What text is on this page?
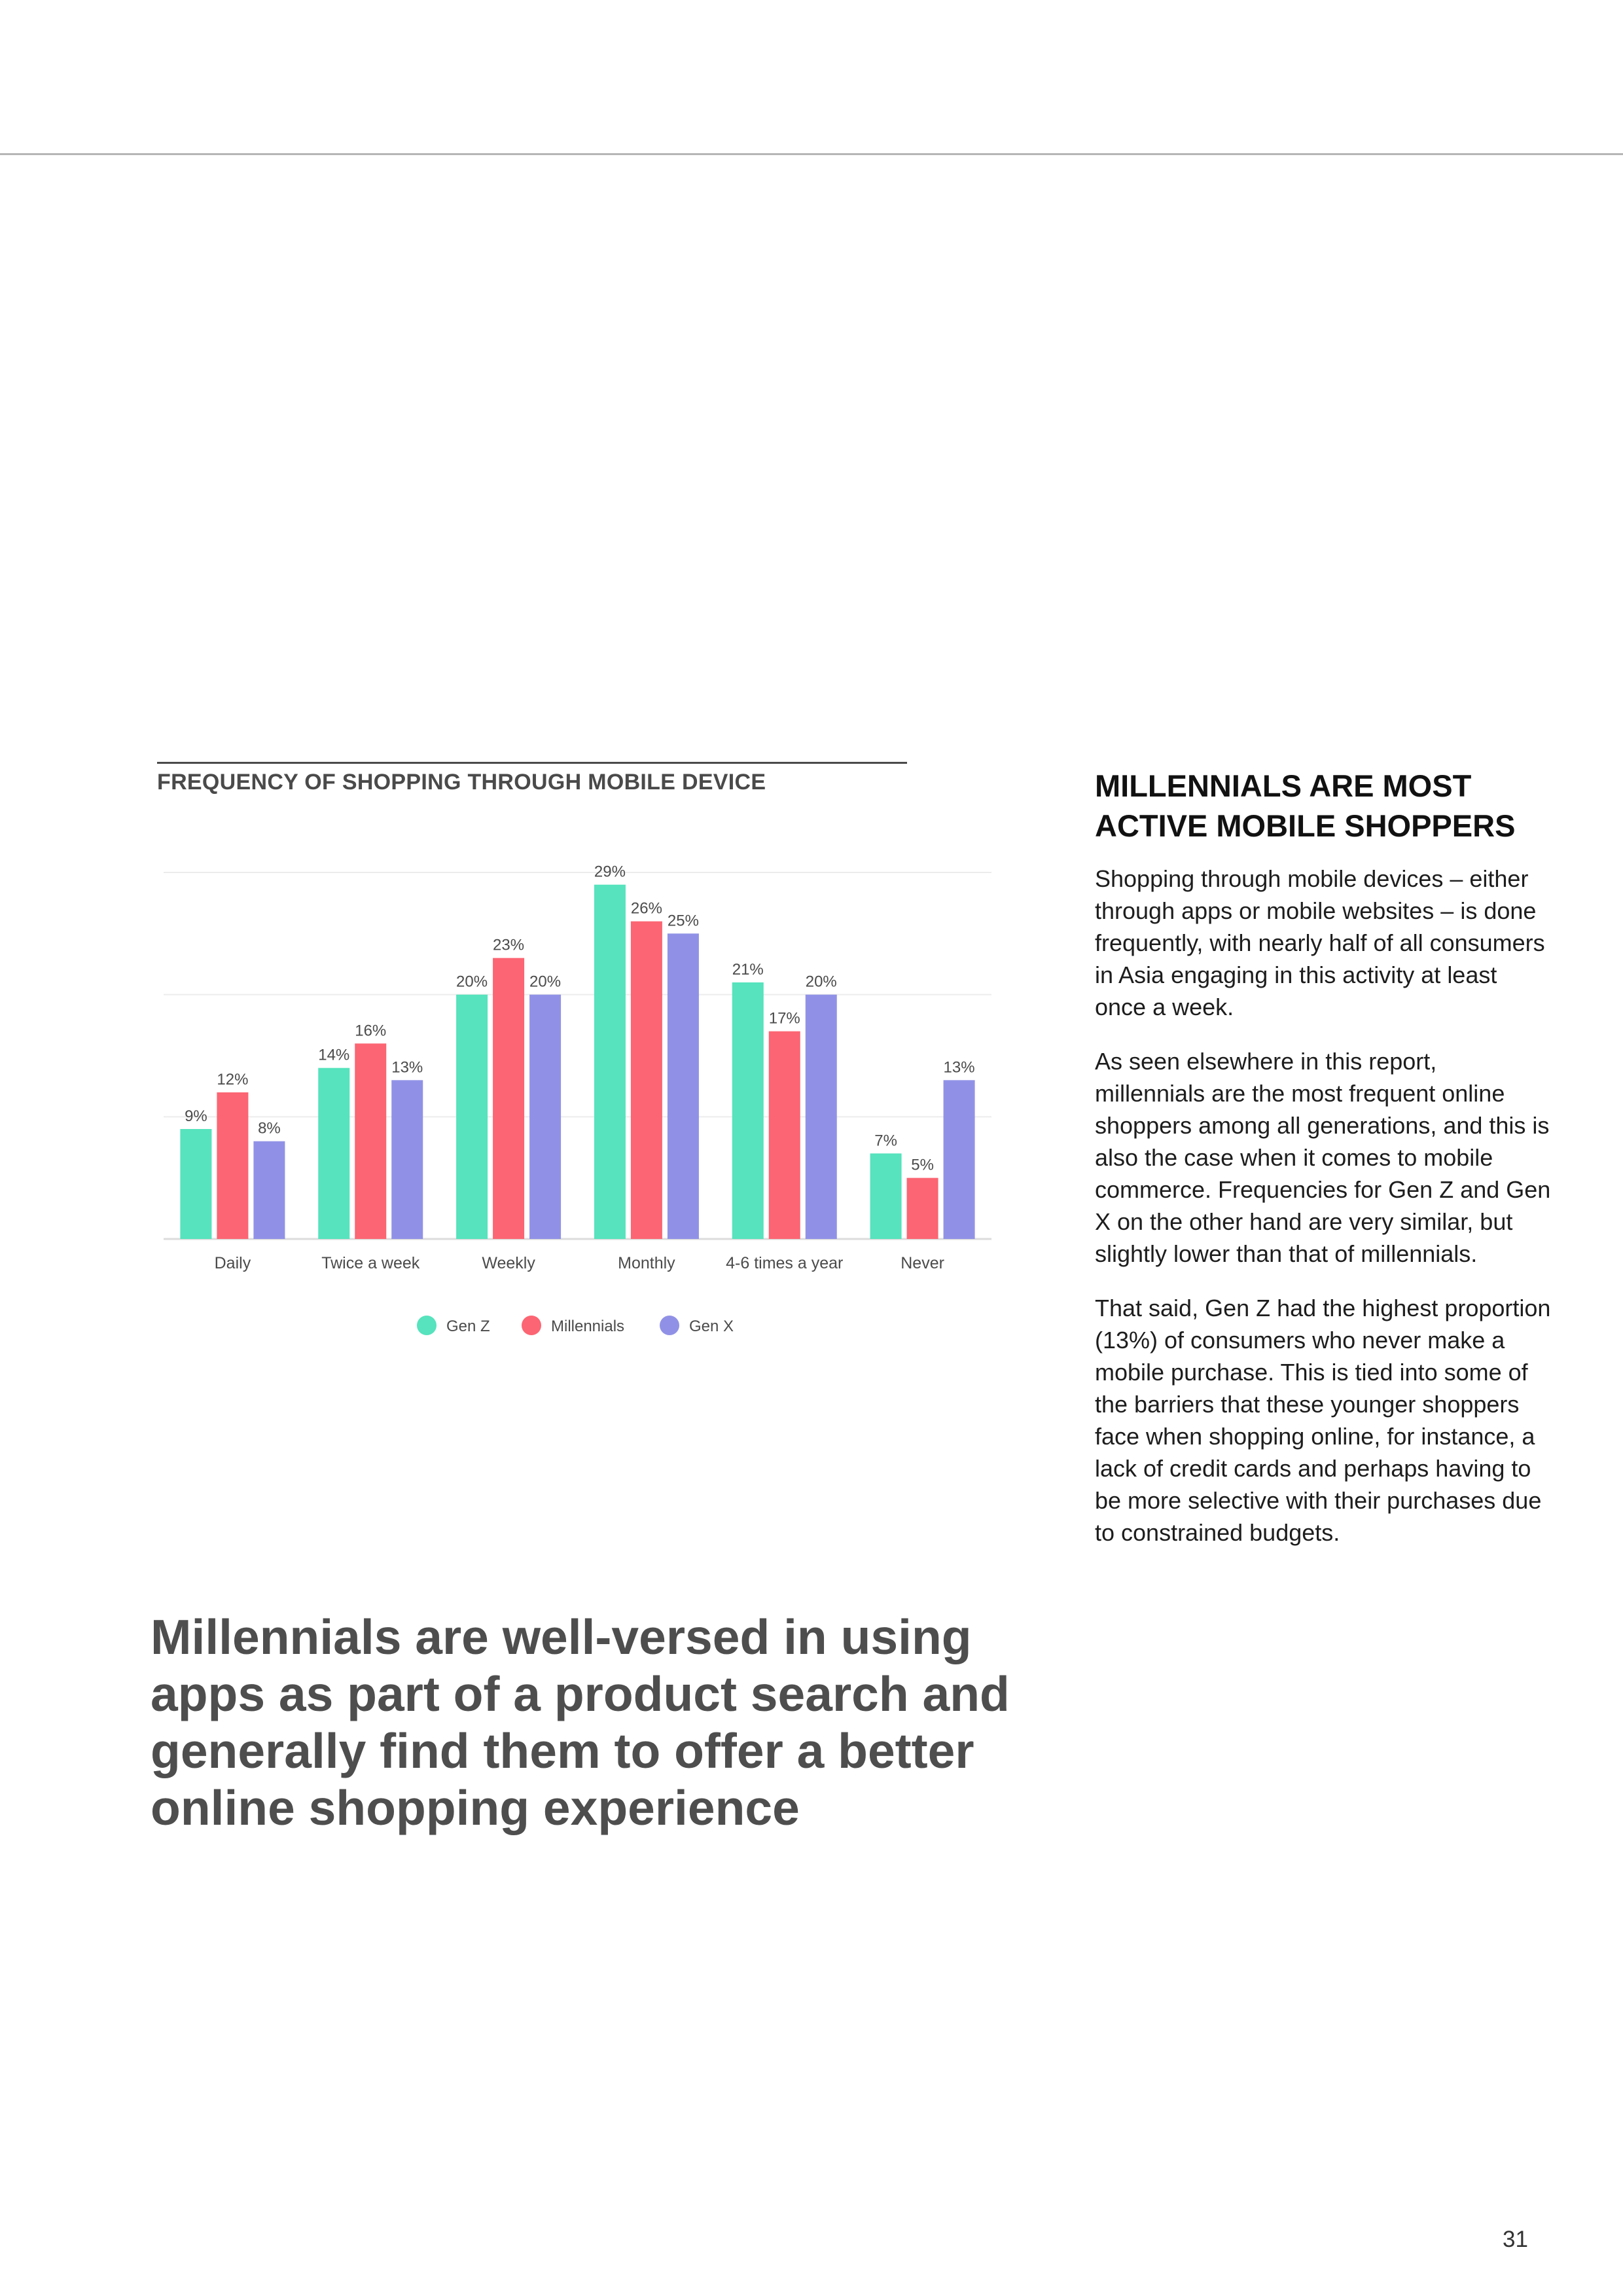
FREQUENCY OF SHOPPING THROUGH MOBILE DEVICE
9%
12%
8%
Daily
14%
16%
13%
Twice a week
20%
23%
20%
Weekly
29%
26%
25%
Monthly
21%
17%
20%
4-6 times a year
7%
5%
13%
Never
Gen Z	Millennials	Gen X
MILLENNIALS ARE MOST
ACTIVE MOBILE SHOPPERS

Shopping through mobile devices – either through apps or mobile websites – is done frequently, with nearly half of all consumers in Asia engaging in this activity at least once a week.

As seen elsewhere in this report, millennials are the most frequent online shoppers among all generations, and this is also the case when it comes to mobile commerce. Frequencies for Gen Z and Gen X on the other hand are very similar, but slightly lower than that of millennials.

That said, Gen Z had the highest proportion (13%) of consumers who never make a mobile purchase. This is tied into some of the barriers that these younger shoppers face when shopping online, for instance, a lack of credit cards and perhaps having to be more selective with their purchases due to constrained budgets.

Millennials are well-versed in using apps as part of a product search and generally find them to offer a better online shopping experience

31
